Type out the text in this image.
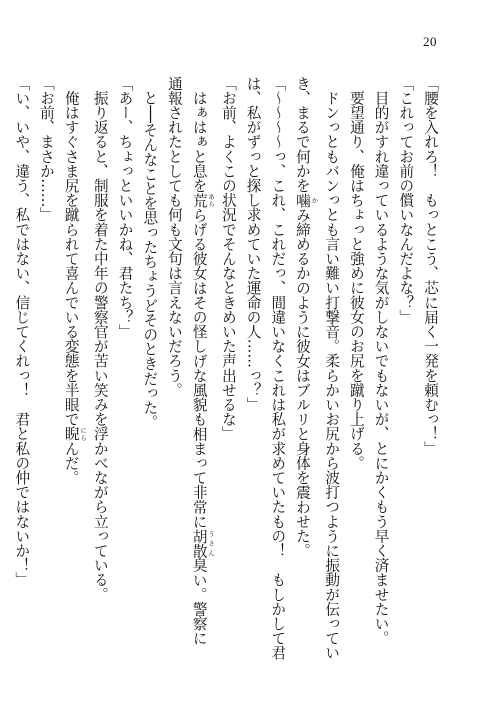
20
「腰を入れろ！　もっとこう、芯に届く一発を頼むっ！」
「これってお前の償いなんだよな？」
　目的がすれ違っているような気がしないでもないが、とにかくもう早く済ませたい。
　要望通り、俺はちょっと強めに彼女のお尻を蹴り上げる。
　ドンっともバンっとも言い難い打撃音。柔らかいお尻から波打つように振動が伝ってい
き、まるで何かを噛 かみ締めるかのように彼女はブルリと身体を震わせた。
「〜〜〜〜っ、これ、これだっ、間違いなくこれは私が求めていたもの！　もしかして君
は、私がずっと探し求めていた運命の人……っ？」
「お前、よくこの状況でそんなときめいた声出せるな」
　はぁはぁと息を荒 あららげる彼女はその怪しげな風貌も相まって非常に胡散 うさん臭い。警察に
通報されたとしても何も文句は言えないだろう。
　と──そんなことを思ったちょうどそのときだった。
「あー、ちょっといいかね、君たち？」
　振り返ると、制服を着た中年の警察官が苦い笑みを浮かべながら立っている。
　俺はすぐさま尻を蹴られて喜んでいる変態を半眼で睨 にらんだ。
「お前、まさか……」
「い、いや、違う、私ではない、信じてくれっ！　君と私の仲ではないか！」
